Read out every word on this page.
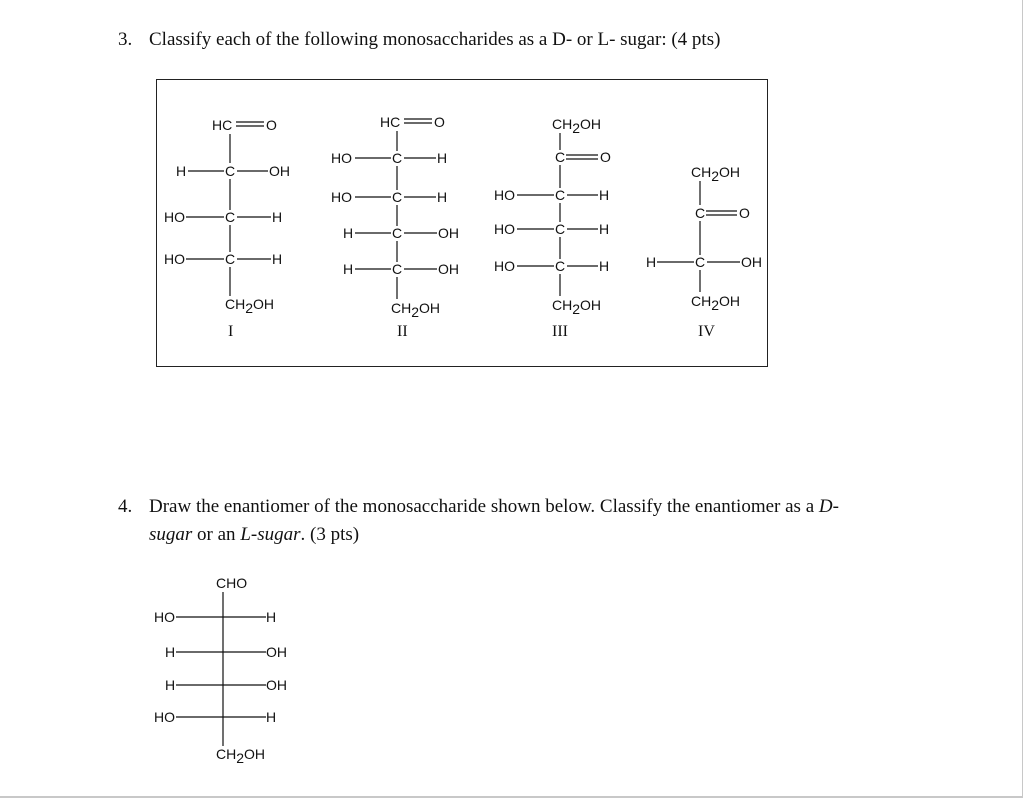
3. Classify each of the following monosaccharides as a D- or L- sugar: (4 pts)
HC O
H	C OH
HO	C	H
HO	C	H
CH2OH
I
HC O
HO	C H
HO	C H
H	C	OH
H	C	OH
CH2OH
II
CH2OH
C O
HO	C H
HO	C H
HO	C H
CH2OH
III
CH2OH
C O
H	C	OH
CH2OH
IV
CHO
HO	H
H	OH
H	OH
HO	H
CH2OH
4. Draw the enantiomer of the monosaccharide shown below. Classify the enantiomer as a D-
sugar or an L-sugar. (3 pts)
